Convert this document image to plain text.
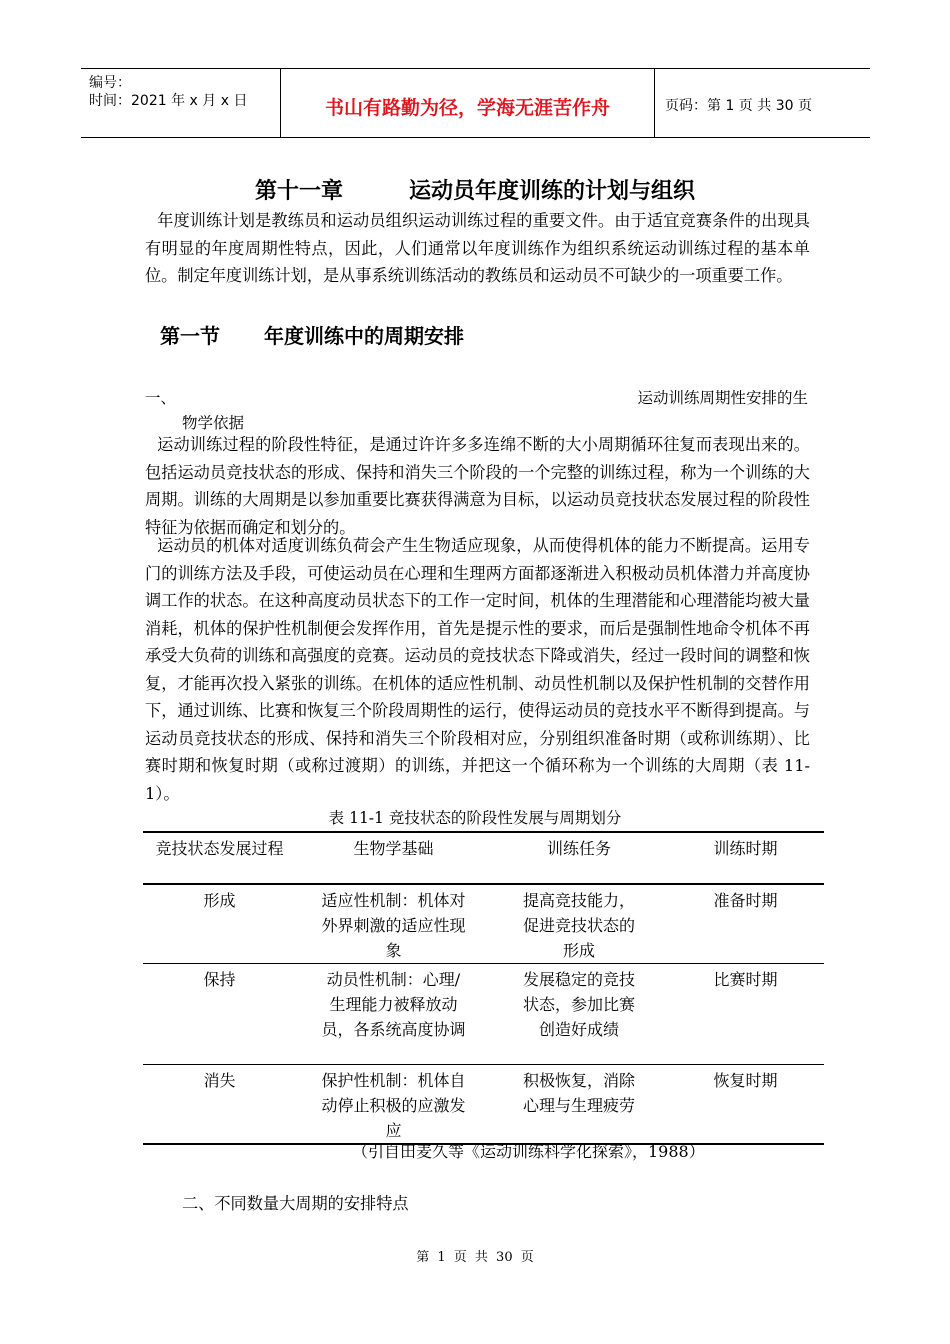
编号：
时间：2021 年 x 月 x 日	书山有路勤为径，学海无涯苦作舟	页码：第 1 页 共 30 页
第十一章	运动员年度训练的计划与组织
年度训练计划是教练员和运动员组织运动训练过程的重要文件。由于适宜竞赛条件的出现具有明显的年度周期性特点，因此，人们通常以年度训练作为组织系统运动训练过程的基本单位。制定年度训练计划，是从事系统训练活动的教练员和运动员不可缺少的一项重要工作。
第一节 年度训练中的周期安排
一、	运动训练周期性安排的生
物学依据
运动训练过程的阶段性特征，是通过许许多多连绵不断的大小周期循环往复而表现出来的。包括运动员竞技状态的形成、保持和消失三个阶段的一个完整的训练过程，称为一个训练的大周期。训练的大周期是以参加重要比赛获得满意为目标，以运动员竞技状态发展过程的阶段性特征为依据而确定和划分的。
运动员的机体对适度训练负荷会产生生物适应现象，从而使得机体的能力不断提高。运用专门的训练方法及手段，可使运动员在心理和生理两方面都逐渐进入积极动员机体潜力并高度协调工作的状态。在这种高度动员状态下的工作一定时间，机体的生理潜能和心理潜能均被大量消耗，机体的保护性机制便会发挥作用，首先是提示性的要求，而后是强制性地命令机体不再承受大负荷的训练和高强度的竞赛。运动员的竞技状态下降或消失，经过一段时间的调整和恢复，才能再次投入紧张的训练。在机体的适应性机制、动员性机制以及保护性机制的交替作用下，通过训练、比赛和恢复三个阶段周期性的运行，使得运动员的竞技水平不断得到提高。与运动员竞技状态的形成、保持和消失三个阶段相对应，分别组织准备时期（或称训练期）、比赛时期和恢复时期（或称过渡期）的训练，并把这一个循环称为一个训练的大周期（表 11-1）。
表 11-1 竞技状态的阶段性发展与周期划分
竞技状态发展过程	生物学基础	训练任务	训练时期
形成	适应性机制：机体对外界刺激的适应性现象	提高竞技能力，促进竞技状态的形成	准备时期
保持	动员性机制：心理/生理能力被释放动员，各系统高度协调	发展稳定的竞技状态，参加比赛创造好成绩	比赛时期
消失	保护性机制：机体自动停止积极的应激发应	积极恢复，消除心理与生理疲劳	恢复时期
（引自田麦久等《运动训练科学化探索》，1988）
二、不同数量大周期的安排特点
第 1 页 共 30 页
